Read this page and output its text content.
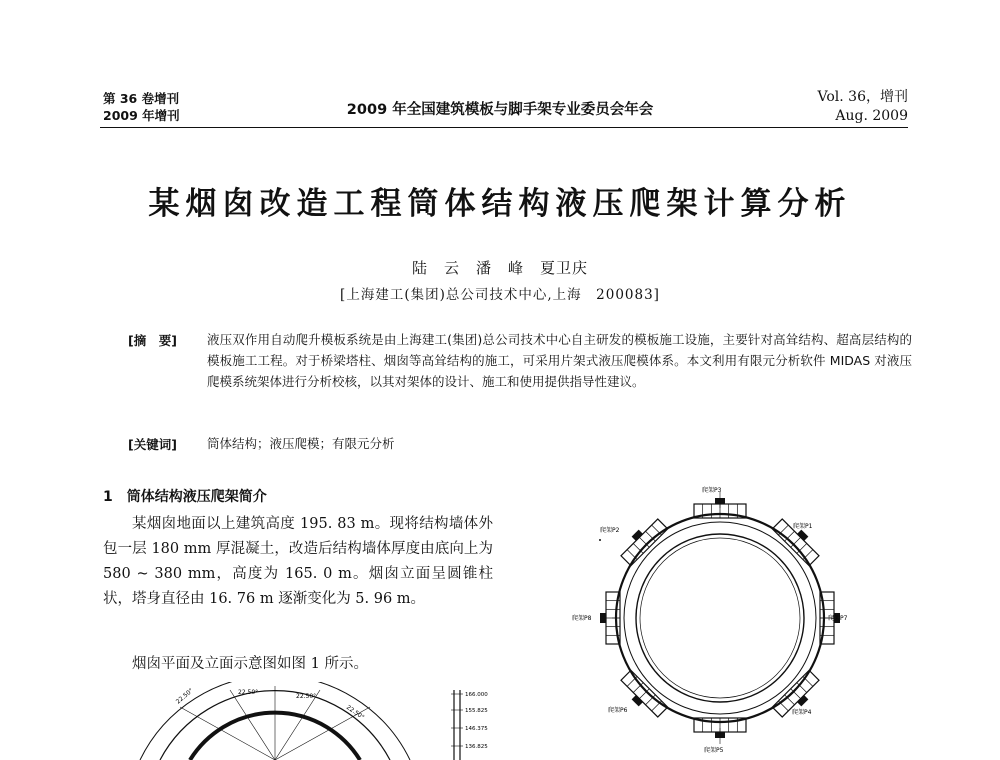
第 36 卷增刊
2009 年增刊	2009 年全国建筑模板与脚手架专业委员会年会
Vol. 36，增刊
Aug. 2009
某烟囱改造工程筒体结构液压爬架计算分析
陆　云　潘　峰　夏卫庆
[上海建工(集团)总公司技术中心,上海　200083]
[摘　要] 液压双作用自动爬升模板系统是由上海建工(集团)总公司技术中心自主研发的模板施工设施，主要针对高耸结构、超高层结构的模板施工工程。对于桥梁塔柱、烟囱等高耸结构的施工，可采用片架式液压爬模体系。本文利用有限元分析软件 MIDAS 对液压爬模系统架体进行分析校核，以其对架体的设计、施工和使用提供指导性建议。
[关键词] 筒体结构；液压爬模；有限元分析
1　筒体结构液压爬架简介
某烟囱地面以上建筑高度 195. 83 m。现将结构墙体外包一层 180 mm 厚混凝土，改造后结构墙体厚度由底向上为 580 ~ 380 mm，高度为 165. 0 m。烟囱立面呈圆锥柱状，塔身直径由 16. 76 m 逐渐变化为 5. 96 m。
烟囱平面及立面示意图如图 1 所示。
爬架P3
爬架P2
爬架P1
爬架P8	爬架P7
爬架P6	爬架P4
爬架P5
22.50°	22.50°
22.50°
22.50°
166.000
155.825
146.375
136.825
